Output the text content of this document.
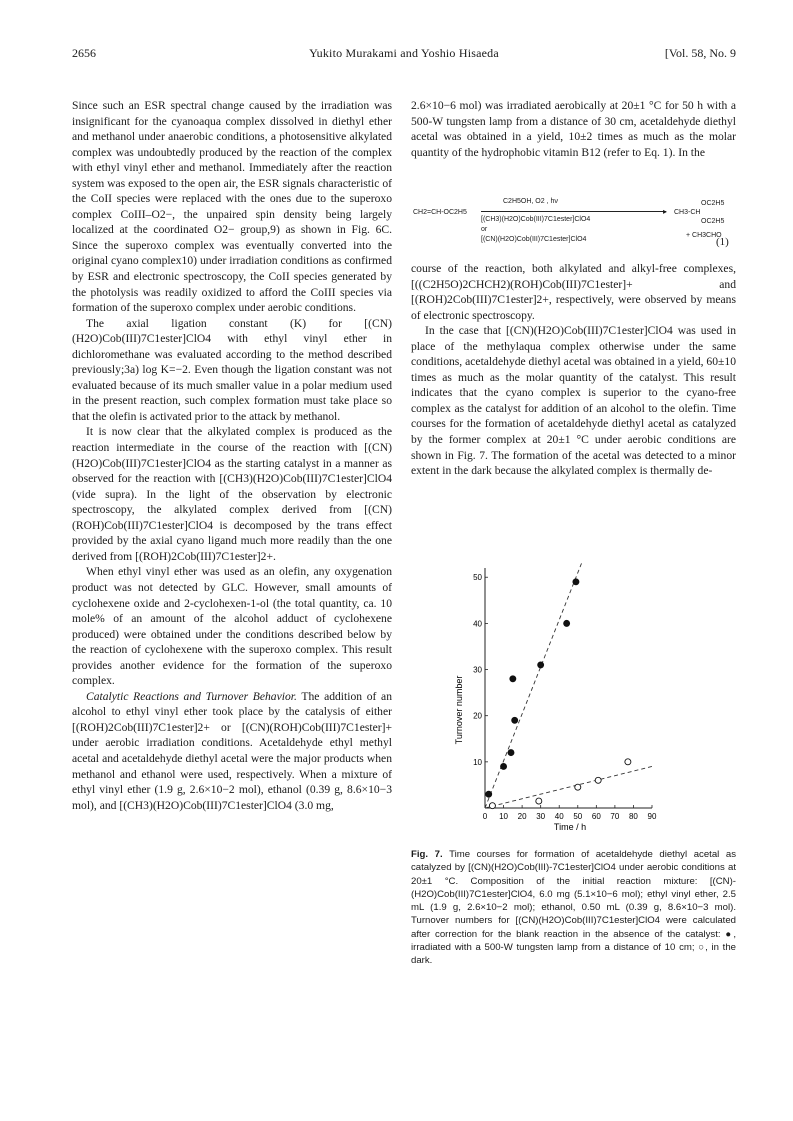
2656	Yukito Murakami and Yoshio Hisaeda	[Vol. 58, No. 9

Since such an ESR spectral change caused by the irradiation was insignificant for the cyanoaqua complex dissolved in diethyl ether and methanol under anaerobic conditions, a photosensitive alkylated complex was undoubtedly produced by the reaction of the complex with ethyl vinyl ether and methanol. Immediately after the reaction system was exposed to the open air, the ESR signals characteristic of the CoII species were replaced with the ones due to the superoxo complex CoIII–O2−, the unpaired spin density being largely localized at the coordinated O2− group,9) as shown in Fig. 6C. Since the superoxo complex was eventually converted into the original cyano complex10) under irradiation conditions as confirmed by ESR and electronic spectroscopy, the CoII species generated by the photolysis was readily oxidized to afford the CoIII species via formation of the superoxo complex under aerobic conditions.

The axial ligation constant (K) for [(CN)(H2O)Cob(III)7C1ester]ClO4 with ethyl vinyl ether in dichloromethane was evaluated according to the method described previously;3a) log K=−2. Even though the ligation constant was not evaluated because of its much smaller value in a polar medium used in the present reaction, such complex formation must take place so that the olefin is activated prior to the attack by methanol.

It is now clear that the alkylated complex is produced as the reaction intermediate in the course of the reaction with [(CN)(H2O)Cob(III)7C1ester]ClO4 as the starting catalyst in a manner as observed for the reaction with [(CH3)(H2O)Cob(III)7C1ester]ClO4 (vide supra). In the light of the observation by electronic spectroscopy, the alkylated complex derived from [(CN)(ROH)Cob(III)7C1ester]ClO4 is decomposed by the trans effect provided by the axial cyano ligand much more readily than the one derived from [(ROH)2Cob(III)7C1ester]2+.

When ethyl vinyl ether was used as an olefin, any oxygenation product was not detected by GLC. However, small amounts of cyclohexene oxide and 2-cyclohexen-1-ol (the total quantity, ca. 10 mole% of an amount of the alcohol adduct of cyclohexene produced) were obtained under the conditions described below by the reaction of cyclohexene with the superoxo complex. This result provides another evidence for the formation of the superoxo complex.

Catalytic Reactions and Turnover Behavior. The addition of an alcohol to ethyl vinyl ether took place by the catalysis of either [(ROH)2Cob(III)7C1ester]2+ or [(CN)(ROH)Cob(III)7C1ester]+ under aerobic irradiation conditions. Acetaldehyde ethyl methyl acetal and acetaldehyde diethyl acetal were the major products when methanol and ethanol were used, respectively. When a mixture of ethyl vinyl ether (1.9 g, 2.6×10−2 mol), ethanol (0.39 g, 8.6×10−3 mol), and [(CH3)(H2O)Cob(III)7C1ester]ClO4 (3.0 mg,

2.6×10−6 mol) was irradiated aerobically at 20±1 °C for 50 h with a 500-W tungsten lamp from a distance of 30 cm, acetaldehyde diethyl acetal was obtained in a yield, 10±2 times as much as the molar quantity of the hydrophobic vitamin B12 (refer to Eq. 1). In the

CH2=CH-OC2H5
C2H5OH, O2 , hν
▸
[(CH3)(H2O)Cob(III)7C1ester]ClO4
or
[(CN)(H2O)Cob(III)7C1ester]ClO4
OC2H5
CH3-CH
OC2H5
+ CH3CHO
(1)

course of the reaction, both alkylated and alkyl-free complexes, [((C2H5O)2CHCH2)(ROH)Cob(III)7C1ester]+ and [(ROH)2Cob(III)7C1ester]2+, respectively, were observed by means of electronic spectroscopy.

In the case that [(CN)(H2O)Cob(III)7C1ester]ClO4 was used in place of the methylaqua complex otherwise under the same conditions, acetaldehyde diethyl acetal was obtained in a yield, 60±10 times as much as the molar quantity of the catalyst. This result indicates that the cyano complex is superior to the cyano-free complex as the catalyst for addition of an alcohol to the olefin. Time courses for the formation of acetaldehyde diethyl acetal as catalyzed by the former complex at 20±1 °C under aerobic conditions are shown in Fig. 7. The formation of the acetal was detected to a minor extent in the dark because the alkylated complex is thermally de-

0 10 20 30 40 50 60 70 80 90
10
20
30
40
50
Turnover number
Time / h
Fig. 7. Time courses for formation of acetaldehyde diethyl acetal as catalyzed by [(CN)(H2O)Cob(III)-7C1ester]ClO4 under aerobic conditions at 20±1 °C. Composition of the initial reaction mixture: [(CN)-(H2O)Cob(III)7C1ester]ClO4, 6.0 mg (5.1×10−6 mol); ethyl vinyl ether, 2.5 mL (1.9 g, 2.6×10−2 mol); ethanol, 0.50 mL (0.39 g, 8.6×10−3 mol). Turnover numbers for [(CN)(H2O)Cob(III)7C1ester]ClO4 were calculated after correction for the blank reaction in the absence of the catalyst: ●, irradiated with a 500-W tungsten lamp from a distance of 10 cm; ○, in the dark.
